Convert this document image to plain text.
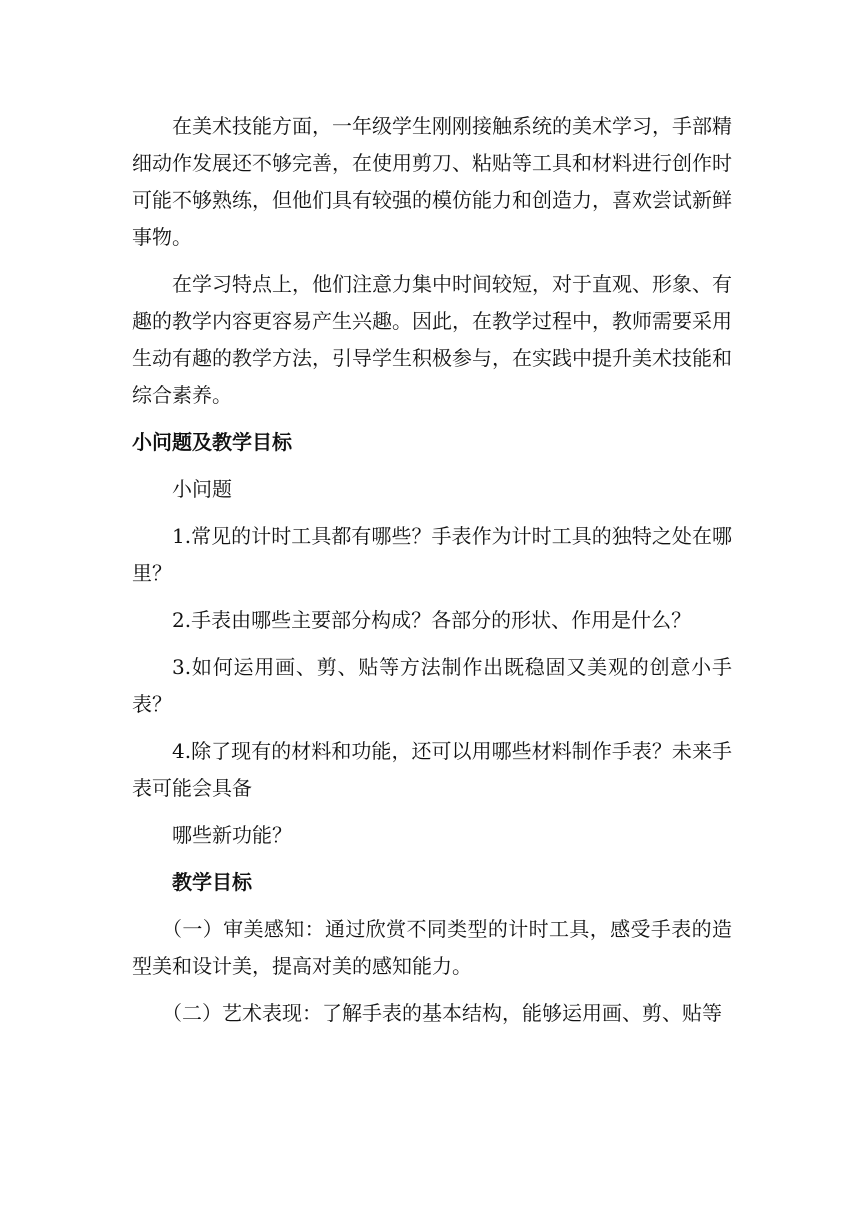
在美术技能方面，一年级学生刚刚接触系统的美术学习，手部精细动作发展还不够完善，在使用剪刀、粘贴等工具和材料进行创作时可能不够熟练，但他们具有较强的模仿能力和创造力，喜欢尝试新鲜事物。

在学习特点上，他们注意力集中时间较短，对于直观、形象、有趣的教学内容更容易产生兴趣。因此，在教学过程中，教师需要采用生动有趣的教学方法，引导学生积极参与，在实践中提升美术技能和综合素养。

小问题及教学目标

小问题

1.常见的计时工具都有哪些？手表作为计时工具的独特之处在哪里？

2.手表由哪些主要部分构成？各部分的形状、作用是什么？

3.如何运用画、剪、贴等方法制作出既稳固又美观的创意小手表？

4.除了现有的材料和功能，还可以用哪些材料制作手表？未来手表可能会具备

哪些新功能？

教学目标

（一）审美感知：通过欣赏不同类型的计时工具，感受手表的造型美和设计美，提高对美的感知能力。

（二）艺术表现：了解手表的基本结构，能够运用画、剪、贴等
